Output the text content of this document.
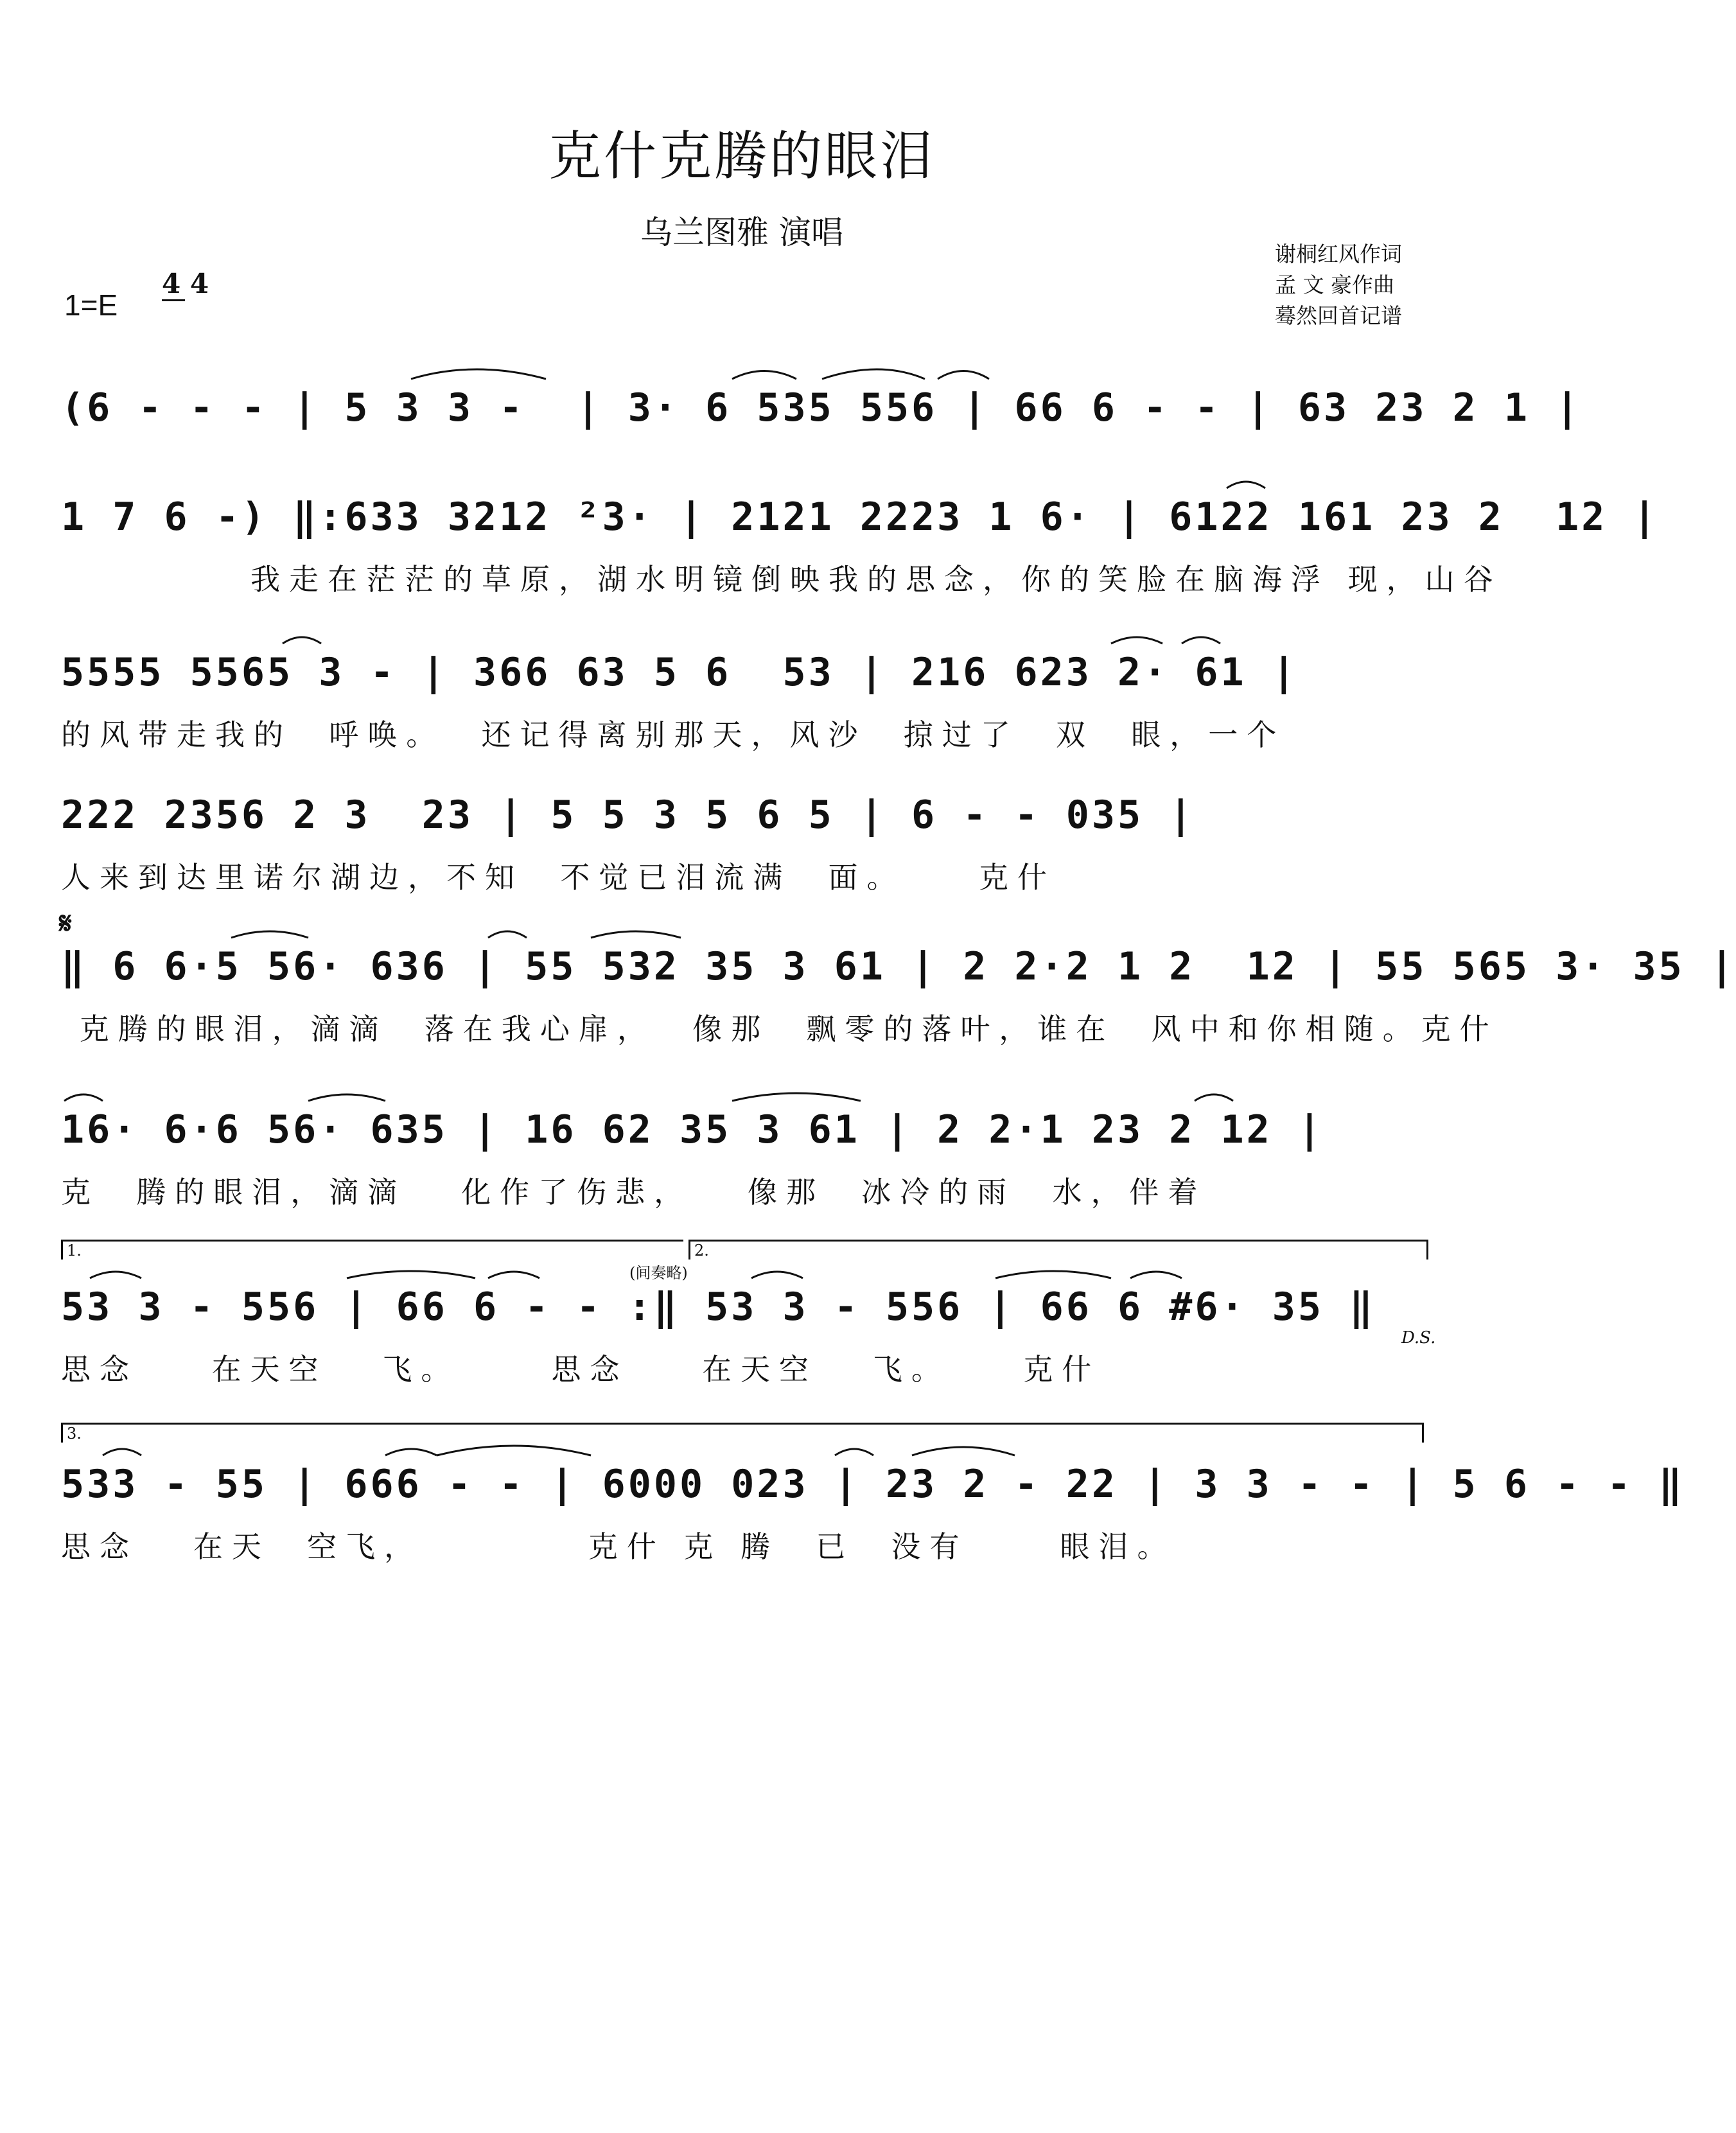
克什克腾的眼泪
乌兰图雅 演唱
谢桐红风作词
孟 文 豪作曲
蓦然回首记谱
1=E
4 4
(6 - - - | 5 3 3 -  | 3· 6 535 556 | 66 6 - - | 63 23 2 1 |
1 7 6 -) ‖:633 3212 ²3· | 2121 2223 1 6· | 6122 161 23 2  12 |
我走在茫茫的草原，湖水明镜倒映我的思念，你的笑脸在脑海浮 现，山谷
5555 5565 3 - | 366 63 5 6  53 | 216 623 2· 61 |
的风带走我的  呼唤。  还记得离别那天，风沙  掠过了  双  眼，一个
222 2356 2 3  23 | 5 5 3 5 6 5 | 6 - - 035 |
人来到达里诺尔湖边，不知  不觉已泪流满  面。    克什
𝄋
‖ 6 6·5 56· 636 | 55 532 35 3 61 | 2 2·2 1 2  12 | 55 565 3· 35 |
克腾的眼泪，滴滴  落在我心扉，  像那  飘零的落叶，谁在  风中和你相随。克什
16· 6·6 56· 635 | 16 62 35 3 61 | 2 2·1 23 2 12 |
克  腾的眼泪，滴滴   化作了伤悲，   像那  冰冷的雨  水，伴着
1.	2.
(间奏略)
53 3 - 556 | 66 6 - - :‖ 53 3 - 556 | 66 6 #6· 35 ‖
思念    在天空   飞。     思念    在天空   飞。    克什
D.S.
3.
533 - 55 | 666 - - | 6000 023 | 23 2 - 22 | 3 3 - - | 5 6 - - ‖
思念   在天  空飞，         克什 克 腾  已  没有     眼泪。
